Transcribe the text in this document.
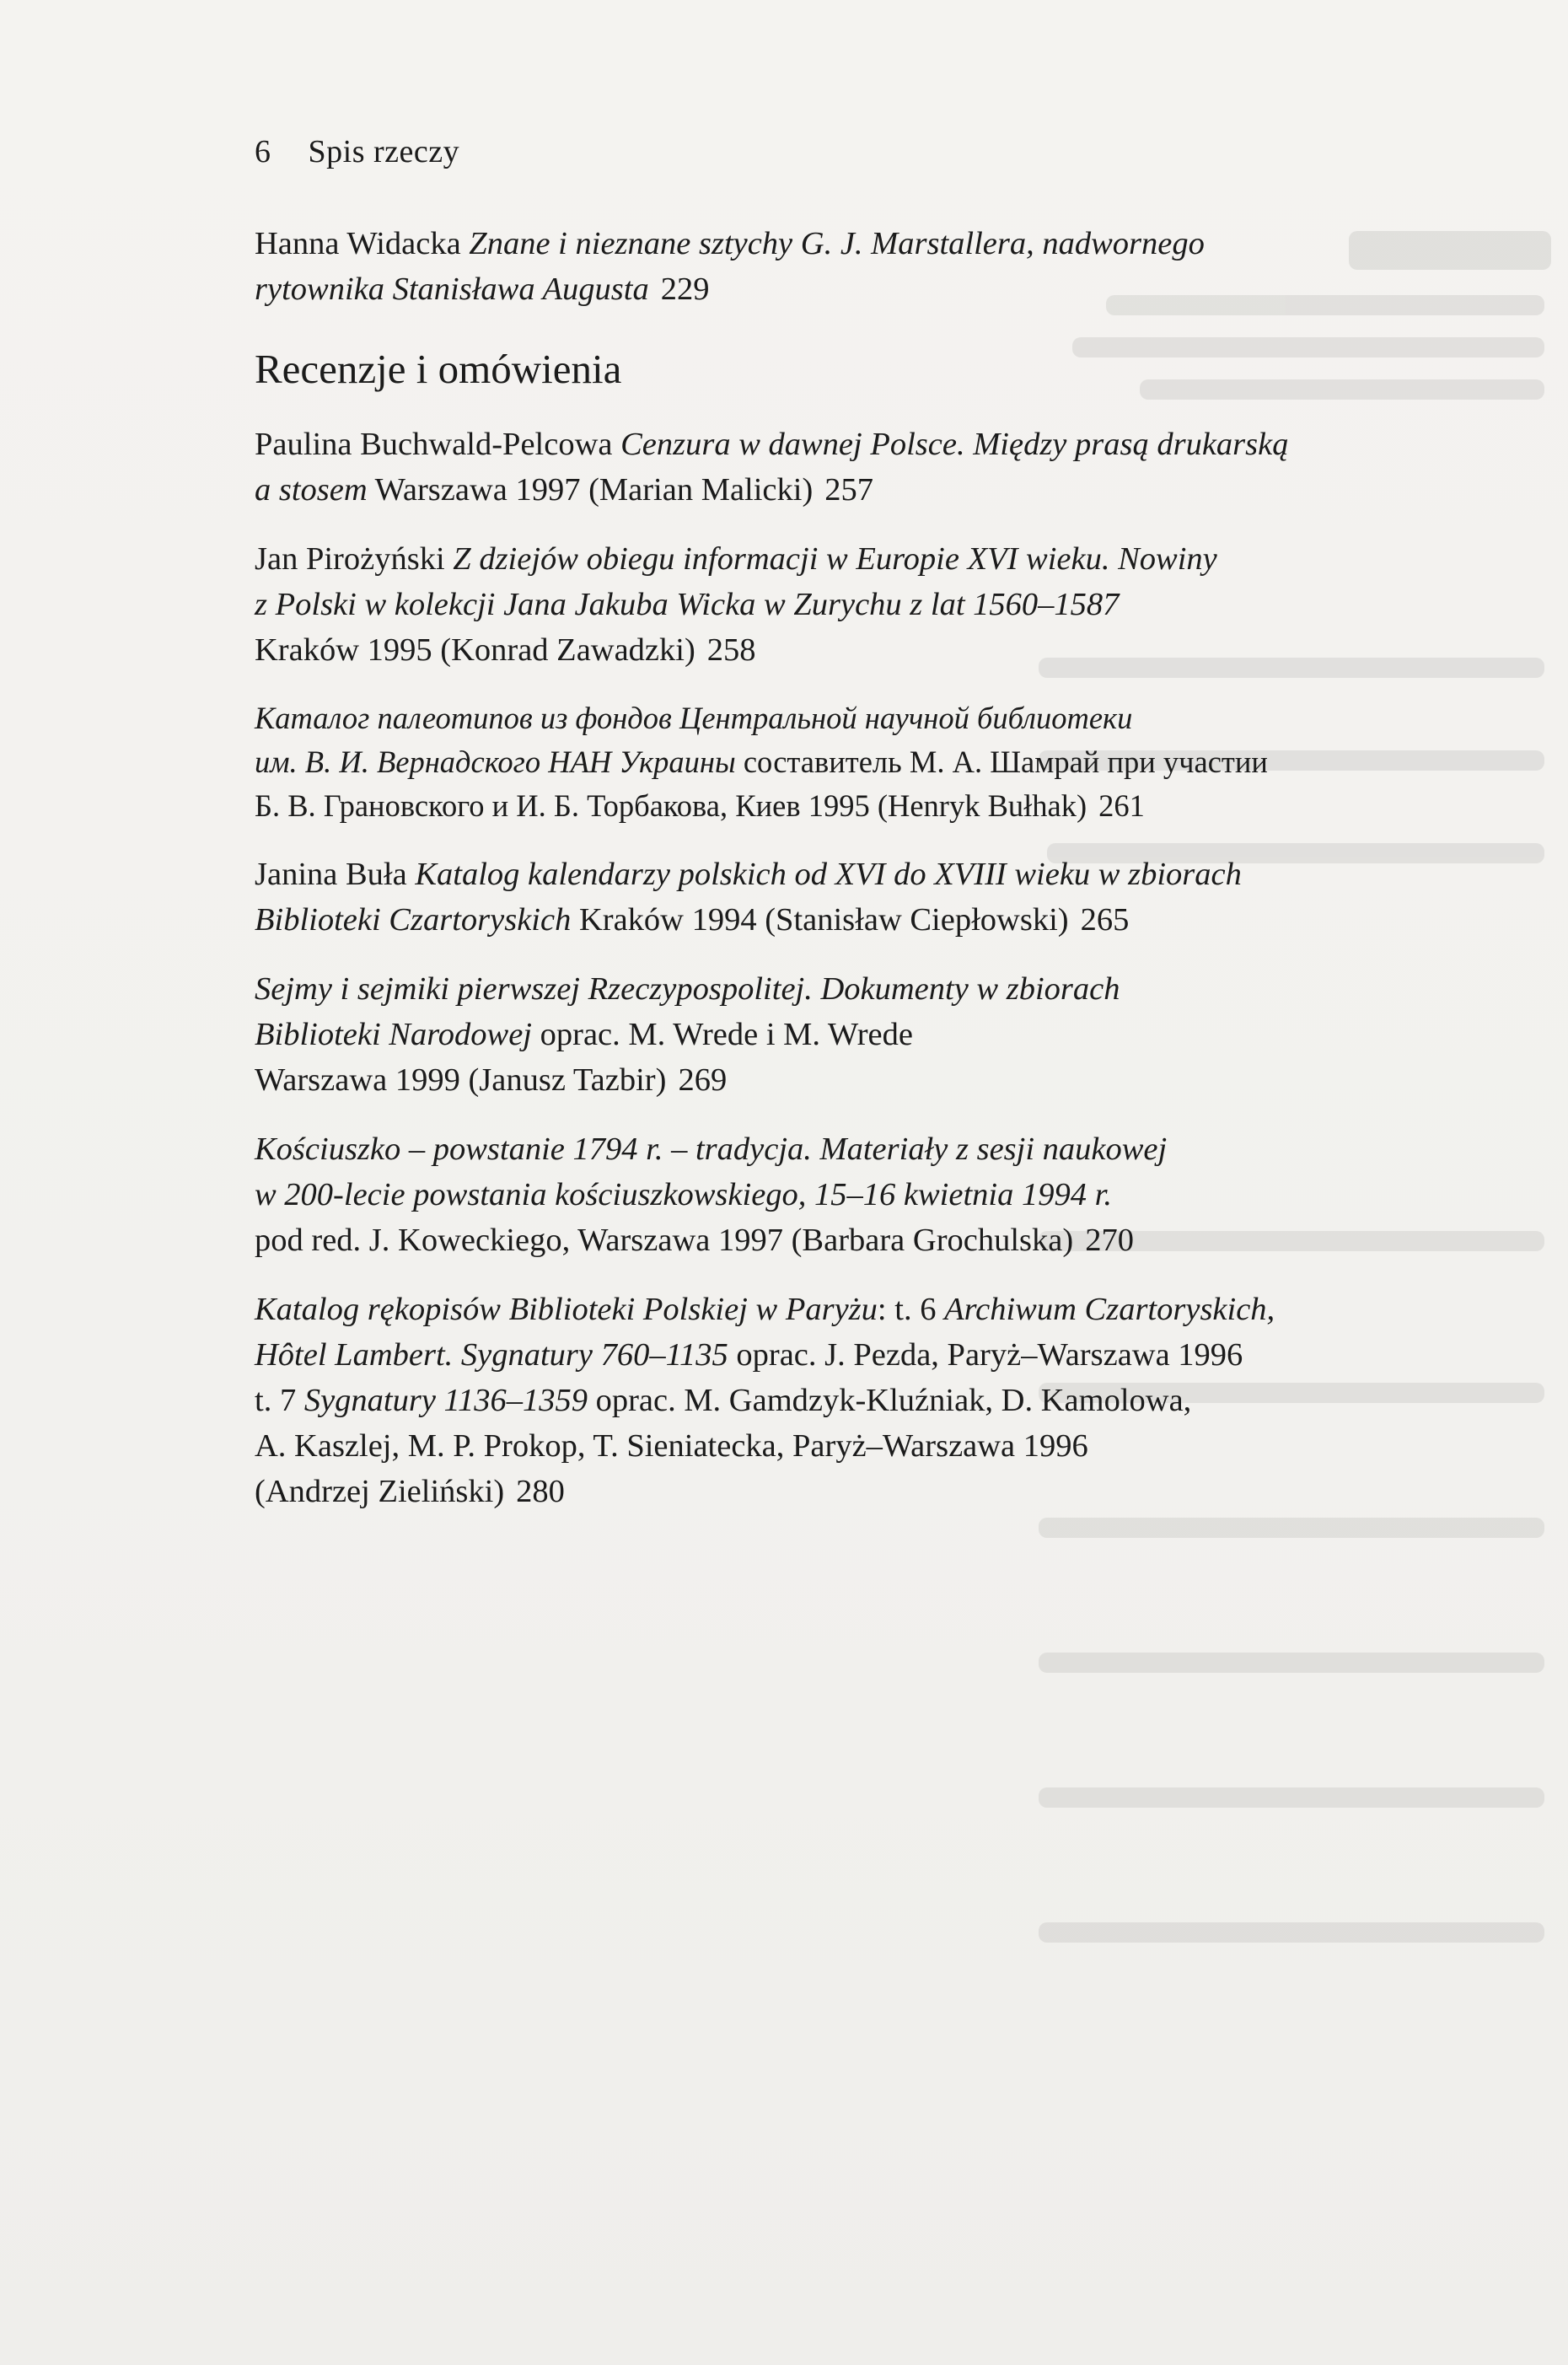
6 Spis rzeczy
Hanna Widacka Znane i nieznane sztychy G. J. Marstallera, nadwornego
rytownika Stanisława Augusta 229
Recenzje i omówienia
Paulina Buchwald-Pelcowa Cenzura w dawnej Polsce. Między prasą drukarską
a stosem Warszawa 1997 (Marian Malicki) 257
Jan Pirożyński Z dziejów obiegu informacji w Europie XVI wieku. Nowiny
z Polski w kolekcji Jana Jakuba Wicka w Zurychu z lat 1560–1587
Kraków 1995 (Konrad Zawadzki) 258
Каталог палеотипов из фондов Центральной научной библиотеки
им. В. И. Вернадского НАН Украины составитель М. А. Шамрай при участии
Б. В. Грановского и И. Б. Торбакова, Киев 1995 (Henryk Bułhak) 261
Janina Buła Katalog kalendarzy polskich od XVI do XVIII wieku w zbiorach
Biblioteki Czartoryskich Kraków 1994 (Stanisław Ciepłowski) 265
Sejmy i sejmiki pierwszej Rzeczypospolitej. Dokumenty w zbiorach
Biblioteki Narodowej oprac. M. Wrede i M. Wrede
Warszawa 1999 (Janusz Tazbir) 269
Kościuszko – powstanie 1794 r. – tradycja. Materiały z sesji naukowej
w 200-lecie powstania kościuszkowskiego, 15–16 kwietnia 1994 r.
pod red. J. Koweckiego, Warszawa 1997 (Barbara Grochulska) 270
Katalog rękopisów Biblioteki Polskiej w Paryżu: t. 6 Archiwum Czartoryskich,
Hôtel Lambert. Sygnatury 760–1135 oprac. J. Pezda, Paryż–Warszawa 1996
t. 7 Sygnatury 1136–1359 oprac. M. Gamdzyk-Kluźniak, D. Kamolowa,
A. Kaszlej, M. P. Prokop, T. Sieniatecka, Paryż–Warszawa 1996
(Andrzej Zieliński) 280
